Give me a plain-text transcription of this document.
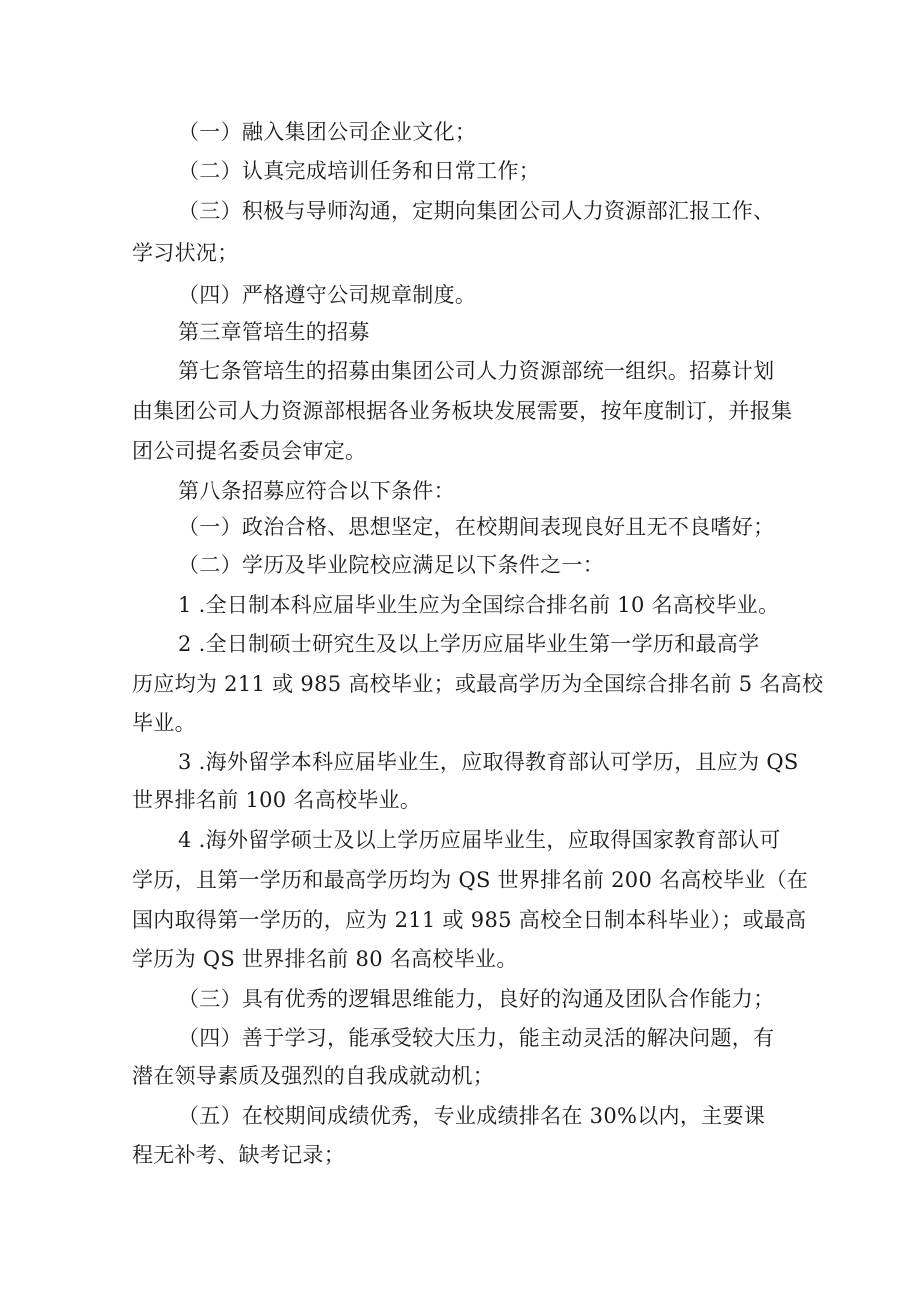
（一）融入集团公司企业文化；
（二）认真完成培训任务和日常工作；
（三）积极与导师沟通，定期向集团公司人力资源部汇报工作、
学习状况；
（四）严格遵守公司规章制度。
第三章管培生的招募
第七条管培生的招募由集团公司人力资源部统一组织。招募计划
由集团公司人力资源部根据各业务板块发展需要，按年度制订，并报集
团公司提名委员会审定。
第八条招募应符合以下条件：
（一）政治合格、思想坚定，在校期间表现良好且无不良嗜好；
（二）学历及毕业院校应满足以下条件之一：
1 .全日制本科应届毕业生应为全国综合排名前 10 名高校毕业。
2 .全日制硕士研究生及以上学历应届毕业生第一学历和最高学
历应均为 211 或 985 高校毕业；或最高学历为全国综合排名前 5 名高校
毕业。
3 .海外留学本科应届毕业生，应取得教育部认可学历，且应为 QS
世界排名前 100 名高校毕业。
4 .海外留学硕士及以上学历应届毕业生，应取得国家教育部认可
学历，且第一学历和最高学历均为 QS 世界排名前 200 名高校毕业（在
国内取得第一学历的，应为 211 或 985 高校全日制本科毕业）；或最高
学历为 QS 世界排名前 80 名高校毕业。
（三）具有优秀的逻辑思维能力，良好的沟通及团队合作能力；
（四）善于学习，能承受较大压力，能主动灵活的解决问题，有
潜在领导素质及强烈的自我成就动机；
（五）在校期间成绩优秀，专业成绩排名在 30%以内，主要课
程无补考、缺考记录；
